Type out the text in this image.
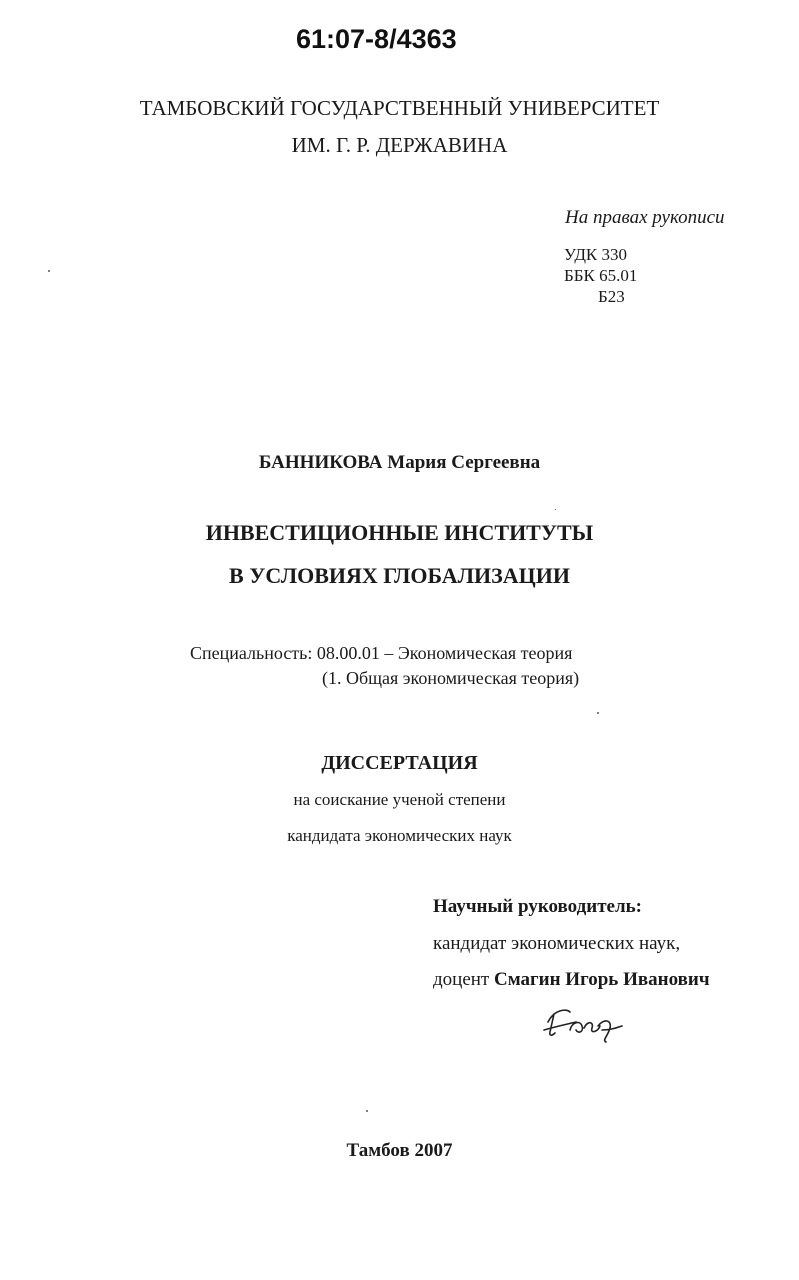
61:07-8/4363
ТАМБОВСКИЙ ГОСУДАРСТВЕННЫЙ УНИВЕРСИТЕТ
ИМ. Г. Р. ДЕРЖАВИНА
На правах рукописи
УДК 330
ББК 65.01
Б23
БАННИКОВА Мария Сергеевна
ИНВЕСТИЦИОННЫЕ ИНСТИТУТЫ
В УСЛОВИЯХ ГЛОБАЛИЗАЦИИ
Специальность: 08.00.01 – Экономическая теория
(1. Общая экономическая теория)
ДИССЕРТАЦИЯ
на соискание ученой степени
кандидата экономических наук
Научный руководитель:
кандидат экономических наук,
доцент Смагин Игорь Иванович
Тамбов 2007
